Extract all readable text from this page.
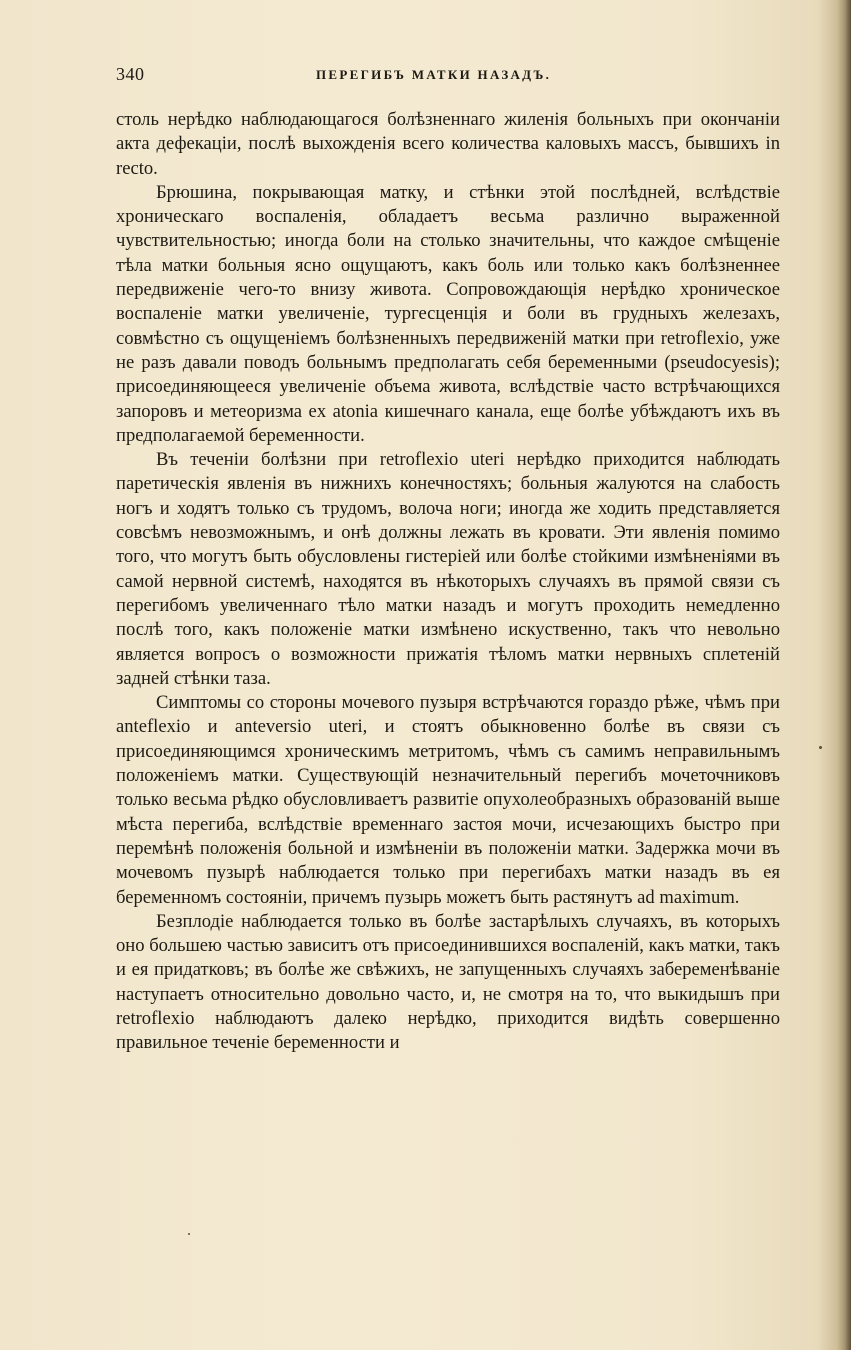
340	ПЕРЕГИБЪ МАТКИ НАЗАДЪ.

столь нерѣдко наблюдающагося болѣзненнаго жиленія больныхъ при окончаніи акта дефекаціи, послѣ выхожденія всего количества каловыхъ массъ, бывшихъ in recto.

Брюшина, покрывающая матку, и стѣнки этой послѣдней, вслѣдствіе хроническаго воспаленія, обладаетъ весьма различно выраженной чувствительностью; иногда боли на столько значительны, что каждое смѣщеніе тѣла матки больныя ясно ощущаютъ, какъ боль или только какъ болѣзненнее передвиженіе чего-то внизу живота. Сопровождающія нерѣдко хроническое воспаленіе матки увеличеніе, тургесценція и боли въ грудныхъ железахъ, совмѣстно съ ощущеніемъ болѣзненныхъ передвиженій матки при retroflexio, уже не разъ давали поводъ больнымъ предполагать себя беременными (pseudocyesis); присоединяющееся увеличеніе объема живота, вслѣдствіе часто встрѣчающихся запоровъ и метеоризма ex atonia кишечнаго канала, еще болѣе убѣждаютъ ихъ въ предполагаемой беременности.

Въ теченіи болѣзни при retroflexio uteri нерѣдко приходится наблюдать паретическія явленія въ нижнихъ конечностяхъ; больныя жалуются на слабость ногъ и ходятъ только съ трудомъ, волоча ноги; иногда же ходить представляется совсѣмъ невозможнымъ, и онѣ должны лежать въ кровати. Эти явленія помимо того, что могутъ быть обусловлены гистеріей или болѣе стойкими измѣненіями въ самой нервной системѣ, находятся въ нѣкоторыхъ случаяхъ въ прямой связи съ перегибомъ увеличеннаго тѣло матки назадъ и могутъ проходить немедленно послѣ того, какъ положеніе матки измѣнено искуственно, такъ что невольно является вопросъ о возможности прижатія тѣломъ матки нервныхъ сплетеній задней стѣнки таза.

Симптомы со стороны мочевого пузыря встрѣчаются гораздо рѣже, чѣмъ при anteflexio и anteversio uteri, и стоятъ обыкновенно болѣе въ связи съ присоединяющимся хроническимъ метритомъ, чѣмъ съ самимъ неправильнымъ положеніемъ матки. Существующій незначительный перегибъ мочеточниковъ только весьма рѣдко обусловливаетъ развитіе опухолеобразныхъ образованій выше мѣста перегиба, вслѣдствіе временнаго застоя мочи, исчезающихъ быстро при перемѣнѣ положенія больной и измѣненіи въ положеніи матки. Задержка мочи въ мочевомъ пузырѣ наблюдается только при перегибахъ матки назадъ въ ея беременномъ состояніи, причемъ пузырь можетъ быть растянутъ ad maximum.

Безплодіе наблюдается только въ болѣе застарѣлыхъ случаяхъ, въ которыхъ оно большею частью зависитъ отъ присоединившихся воспаленій, какъ матки, такъ и ея придатковъ; въ болѣе же свѣжихъ, не запущенныхъ случаяхъ забеременѣваніе наступаетъ относительно довольно часто, и, не смотря на то, что выкидышъ при retroflexio наблюдаютъ далеко нерѣдко, приходится видѣть совершенно правильное теченіе беременности и
